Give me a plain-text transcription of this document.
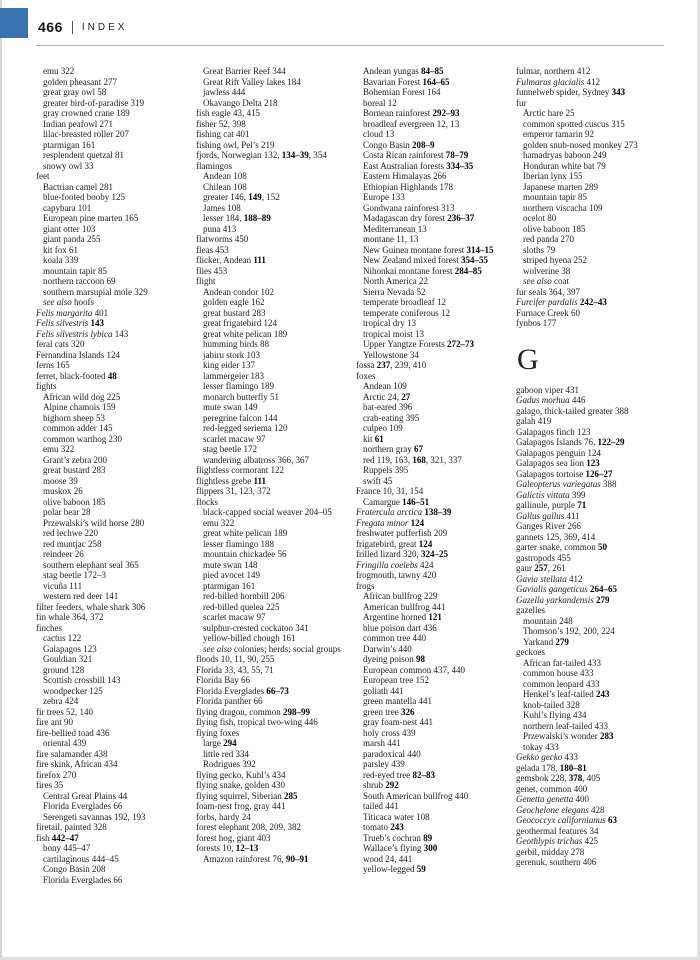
466 INDEX
emu 322
golden pheasant 277
great gray owl 58
greater bird-of-paradise 319
gray crowned crane 189
Indian peafowl 271
lilac-breasted roller 207
ptarmigan 161
resplendent quetzal 81
snowy owl 33
feet
Bactrian camel 281
blue-footed booby 125
capybara 101
European pine marten 165
giant otter 103
giant panda 255
kit fox 61
koala 339
mountain tapir 85
northern raccoon 69
southern marsupial mole 329
see also hoofs
Felis margarita 401
Felis silvestris 143
Felis silvestris lybica 143
feral cats 320
Fernandina Islands 124
ferns 165
ferret, black-footed 48
fights
African wild dog 225
Alpine chamois 159
bighorn sheep 53
common adder 145
common warthog 230
emu 322
Grant’s zebra 200
great bustard 283
moose 39
muskox 26
olive baboon 185
polar bear 28
Przewalski’s wild horse 280
red lechwe 220
red muntjac 258
reindeer 26
southern elephant seal 365
stag beetle 172–3
vicuña 111
western red deer 141
filter feeders, whale shark 306
fin whale 364, 372
finches
cactus 122
Galapagos 123
Gouldian 321
ground 128
Scottish crossbill 143
woodpecker 125
zebra 424
fir trees 52, 140
fire ant 90
fire-bellied toad 436
oriental 439
fire salamander 438
fire skink, African 434
firefox 270
fires 35
Central Great Plains 44
Florida Everglades 66
Serengeti savannas 192, 193
firetail, painted 328
fish 442–47
bony 445–47
cartilaginous 444–45
Congo Basin 208
Florida Everglades 66
Great Barrier Reef 344
Great Rift Valley lakes 184
jawless 444
Okavango Delta 218
fish eagle 43, 415
fisher 52, 398
fishing cat 401
fishing owl, Pel’s 219
fjords, Norwegian 132, 134–39, 354
flamingos
Andean 108
Chilean 108
greater 146, 149, 152
James 108
lesser 184, 188–89
puna 413
flatworms 450
fleas 453
flicker, Andean 111
flies 453
flight
Andean condor 102
golden eagle 162
great bustard 283
great frigatebird 124
great white pelican 189
humming birds 88
jabiru stork 103
king eider 137
lammergeier 183
lesser flamingo 189
monarch butterfly 51
mute swan 149
peregrine falcon 144
red-legged seriema 120
scarlet macaw 97
stag beetle 172
wandering albatross 366, 367
flightless cormorant 122
flightless grebe 111
flippers 31, 123, 372
flocks
black-capped social weaver 204–05
emu 322
great white pelican 189
lesser flamingo 188
mountain chickadee 56
mute swan 148
pied avocet 149
ptarmigan 161
red-billed hornbill 206
red-billed quelea 225
scarlet macaw 97
sulphur-crested cockatoo 341
yellow-billed chough 161
see also colonies; herds; social groups
floods 10, 11, 90, 255
Florida 33, 43, 55, 71
Florida Bay 66
Florida Everglades 66–73
Florida panther 66
flying dragon, common 298–99
flying fish, tropical two-wing 446
flying foxes
large 294
little red 334
Rodrigues 392
flying gecko, Kuhl’s 434
flying snake, golden 430
flying squirrel, Siberian 285
foam-nest frog, gray 441
forbs, hardy 24
forest elephant 208, 209, 382
forest hog, giant 403
forests 10, 12–13
Amazon rainforest 76, 90–91
Andean yungas 84–85
Bavarian Forest 164–65
Bohemian Forest 164
boreal 12
Bornean rainforest 292–93
broadleaf evergreen 12, 13
cloud 13
Congo Basin 208–9
Costa Rican rainforest 78–79
East Australian forests 334–35
Eastern Himalayas 266
Ethiopian Highlands 178
Europe 133
Gondwana rainforest 313
Madagascan dry forest 236–37
Mediterranean 13
montane 11, 13
New Guinea montane forest 314–15
New Zealand mixed forest 354–55
Nihonkai montane forest 284–85
North America 22
Sierra Nevada 52
temperate broadleaf 12
temperate coniferous 12
tropical dry 13
tropical moist 13
Upper Yangtze Forests 272–73
Yellowstone 34
fossa 237, 239, 410
foxes
Andean 109
Arctic 24, 27
bat-eared 396
crab-eating 395
culpeo 109
kit 61
northern gray 67
red 119, 163, 168, 321, 337
Ruppels 395
swift 45
France 10, 31, 154
Camargue 146–51
Fratercula arctica 138–39
Fregata minor 124
freshwater pufferfish 209
frigatebird, great 124
frilled lizard 320, 324–25
Fringilla coelebs 424
frogmouth, tawny 420
frogs
African bullfrog 229
American bullfrog 441
Argentine horned 121
blue poison dart 436
common tree 440
Darwin’s 440
dyeing poison 98
European common 437, 440
European tree 152
goliath 441
green mantella 441
green tree 326
gray foam-nest 441
holy cross 439
marsh 441
paradoxical 440
parsley 439
red-eyed tree 82–83
shrub 292
South American bullfrog 440
tailed 441
Titicaca water 108
tomato 243
Trueb’s cochran 89
Wallace’s flying 300
wood 24, 441
yellow-legged 59
fulmar, northern 412
Fulmarus glacialis 412
funnelweb spider, Sydney 343
fur
Arctic hare 25
common spotted cuscus 315
emperor tamarin 92
golden snub-nosed monkey 273
hamadryas baboon 249
Honduran white bat 79
Iberian lynx 155
Japanese marten 289
mountain tapir 85
northern viscacha 109
ocelot 80
olive baboon 185
red panda 270
sloths 79
striped hyena 252
wolverine 38
see also coat
fur seals 364, 397
Furcifer pardalis 242–43
Furnace Creek 60
fynbos 177
G
gaboon viper 431
Gadus morhua 446
galago, thick-tailed greater 388
galah 419
Galapagos finch 123
Galapagos Islands 76, 122–29
Galapagos penguin 124
Galapagos sea lion 123
Galapagos tortoise 126–27
Galeopterus variegatus 388
Galictis vittata 399
gallinule, purple 71
Gallus gallus 411
Ganges River 266
gannets 125, 369, 414
garter snake, common 50
gastropods 455
gaur 257, 261
Gavia stellata 412
Gavialis gangeticus 264–65
Gazella yarkandensis 279
gazelles
mountain 248
Thomson’s 192, 200, 224
Yarkand 279
geckoes
African fat-tailed 433
common house 433
common leopard 433
Henkel’s leaf-tailed 243
knob-tailed 328
Kuhl’s flying 434
northern leaf-tailed 433
Przewalski’s wonder 283
tokay 433
Gekko gecko 433
gelada 178, 180–81
gemsbok 228, 378, 405
genet, common 400
Genetta genetta 400
Geochelone elegans 428
Geococcyx californianus 63
geothermal features 34
Geothlypis trichas 425
gerbil, midday 278
gerenuk, southern 406
